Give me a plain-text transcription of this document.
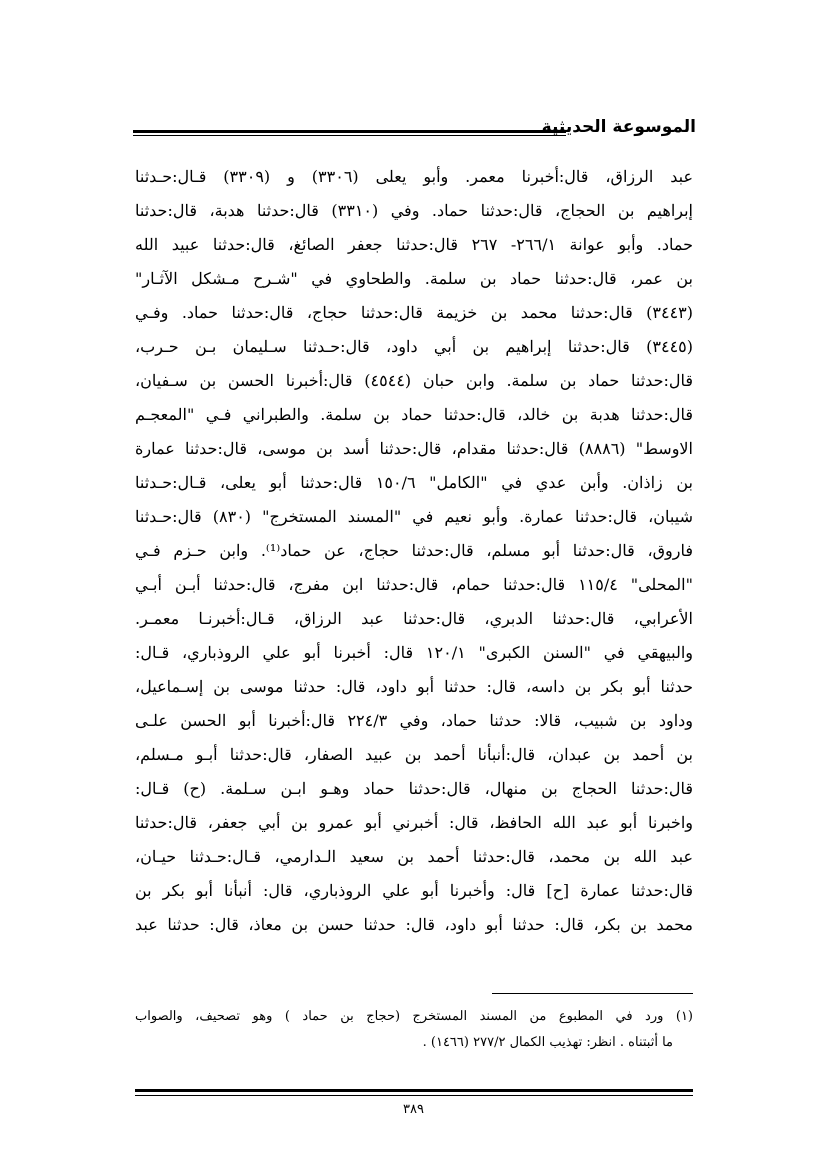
الموسوعة الحديثية
عبد الرزاق، قال:أخبرنا معمر. وأبو يعلى (٣٣٠٦) و (٣٣٠٩) قـال:حـدثنا
إبراهيم بن الحجاج، قال:حدثنا حماد. وفي (٣٣١٠) قال:حدثنا هدبة، قال:حدثنا
حماد. وأبو عوانة ٢٦٦/١- ٢٦٧ قال:حدثنا جعفر الصائغ، قال:حدثنا عبيد الله
بن عمر، قال:حدثنا حماد بن سلمة. والطحاوي في "شـرح مـشكل الآثـار"
(٣٤٤٣) قال:حدثنا محمد بن خزيمة قال:حدثنا حجاج، قال:حدثنا حماد. وفـي
(٣٤٤٥) قال:حدثنا إبراهيم بن أبي داود، قال:حـدثنا سـليمان بـن حـرب،
قال:حدثنا حماد بن سلمة. وابن حبان (٤٥٤٤) قال:أخبرنا الحسن بن سـفيان،
قال:حدثنا هدبة بن خالد، قال:حدثنا حماد بن سلمة. والطبراني فـي "المعجـم
الاوسط" (٨٨٨٦) قال:حدثنا مقدام، قال:حدثنا أسد بن موسى، قال:حدثنا عمارة
بن زاذان. وأبن عدي في "الكامل" ١٥٠/٦ قال:حدثنا أبو يعلى، قـال:حـدثنا
شيبان، قال:حدثنا عمارة. وأبو نعيم في "المسند المستخرج" (٨٣٠) قال:حـدثنا
فاروق، قال:حدثنا أبو مسلم، قال:حدثنا حجاج، عن حماد⁽¹⁾. وابن حـزم فـي
"المحلى" ١١٥/٤ قال:حدثنا حمام، قال:حدثنا ابن مفرج، قال:حدثنا أبـن أبـي
الأعرابي، قال:حدثنا الدبري، قال:حدثنا عبد الرزاق، قـال:أخبرنـا معمـر.
والبيهقي في "السنن الكبرى" ١٢٠/١ قال: أخبرنا أبو علي الروذباري، قـال:
حدثنا أبو بكر بن داسه، قال: حدثنا أبو داود، قال: حدثنا موسى بن إسـماعيل،
وداود بن شبيب، قالا: حدثنا حماد، وفي ٢٢٤/٣ قال:أخبرنا أبو الحسن علـى
بن أحمد بن عبدان، قال:أنبأنا أحمد بن عبيد الصفار، قال:حدثنا أبـو مـسلم،
قال:حدثنا الحجاج بن منهال، قال:حدثنا حماد وهـو ابـن سـلمة. (ح) قـال:
واخبرنا أبو عبد الله الحافظ، قال: أخبرني أبو عمرو بن أبي جعفر، قال:حدثنا
عبد الله بن محمد، قال:حدثنا أحمد بن سعيد الـدارمي، قـال:حـدثنا حيـان،
قال:حدثنا عمارة [ح] قال: وأخبرنا أبو علي الروذباري، قال: أنبأنا أبو بكر بن
محمد بن بكر، قال: حدثنا أبو داود، قال: حدثنا حسن بن معاذ، قال: حدثنا عبد
(١) ورد في المطبوع من المسند المستخرج (حجاج بن حماد ) وهو تصحيف، والصواب
ما أثبتناه . انظر: تهذيب الكمال ٢٧٧/٢ (١٤٦٦) .
٣٨٩
